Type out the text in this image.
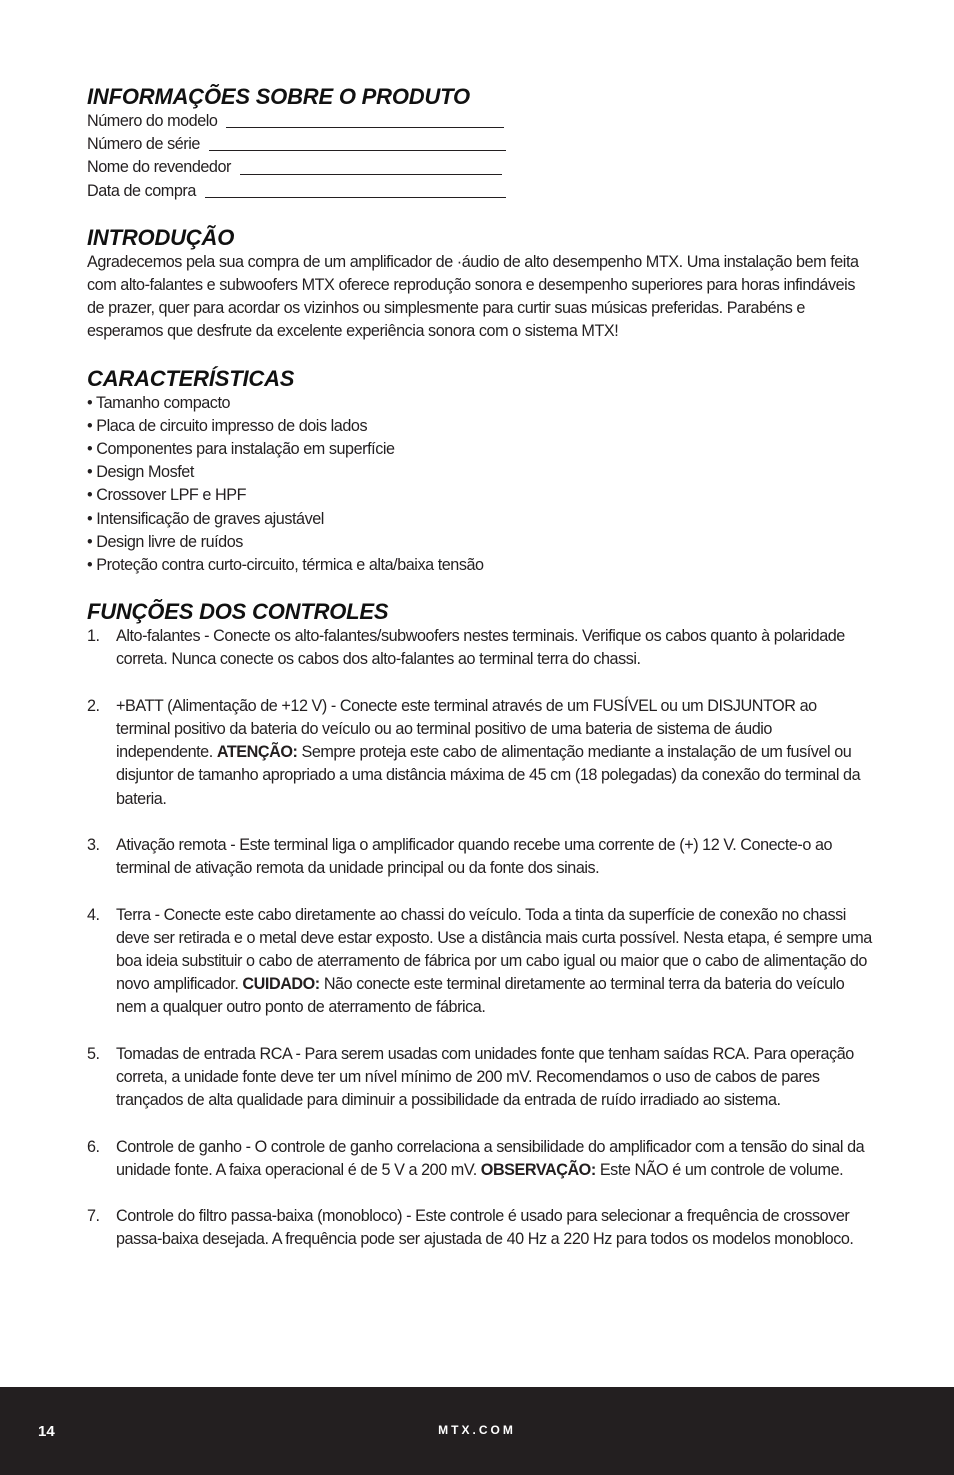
INFORMAÇÕES SOBRE O PRODUTO
Número do modelo
Número de série
Nome do revendedor
Data de compra
INTRODUÇÃO

Agradecemos pela sua compra de um amplificador de ·áudio de alto desempenho MTX. Uma instalação bem feita com alto-falantes e subwoofers MTX oferece reprodução sonora e desempenho superiores para horas infindáveis de prazer, quer para acordar os vizinhos ou simplesmente para curtir suas músicas preferidas. Parabéns e esperamos que desfrute da excelente experiência sonora com o sistema MTX!

CARACTERÍSTICAS
• Tamanho compacto
• Placa de circuito impresso de dois lados
• Componentes para instalação em superfície
• Design Mosfet
• Crossover LPF e HPF
• Intensificação de graves ajustável
• Design livre de ruídos
• Proteção contra curto-circuito, térmica e alta/baixa tensão
FUNÇÕES DOS CONTROLES
1.	Alto-falantes - Conecte os alto-falantes/subwoofers nestes terminais. Verifique os cabos quanto à polaridade correta. Nunca conecte os cabos dos alto-falantes ao terminal terra do chassi.
2.	+BATT (Alimentação de +12 V) - Conecte este terminal através de um FUSÍVEL ou um DISJUNTOR ao terminal positivo da bateria do veículo ou ao terminal positivo de uma bateria de sistema de áudio independente. ATENÇÃO: Sempre proteja este cabo de alimentação mediante a instalação de um fusível ou disjuntor de tamanho apropriado a uma distância máxima de 45 cm (18 polegadas) da conexão do terminal da bateria.
3.	Ativação remota - Este terminal liga o amplificador quando recebe uma corrente de (+) 12 V. Conecte-o ao terminal de ativação remota da unidade principal ou da fonte dos sinais.
4.	Terra - Conecte este cabo diretamente ao chassi do veículo. Toda a tinta da superfície de conexão no chassi deve ser retirada e o metal deve estar exposto. Use a distância mais curta possível. Nesta etapa, é sempre uma boa ideia substituir o cabo de aterramento de fábrica por um cabo igual ou maior que o cabo de alimentação do novo amplificador. CUIDADO: Não conecte este terminal diretamente ao terminal terra da bateria do veículo nem a qualquer outro ponto de aterramento de fábrica.
5.	Tomadas de entrada RCA - Para serem usadas com unidades fonte que tenham saídas RCA. Para operação correta, a unidade fonte deve ter um nível mínimo de 200 mV. Recomendamos o uso de cabos de pares trançados de alta qualidade para diminuir a possibilidade da entrada de ruído irradiado ao sistema.
6.	Controle de ganho - O controle de ganho correlaciona a sensibilidade do amplificador com a tensão do sinal da unidade fonte. A faixa operacional é de 5 V a 200 mV. OBSERVAÇÃO: Este NÃO é um controle de volume.
7.	Controle do filtro passa-baixa (monobloco) - Este controle é usado para selecionar a frequência de crossover passa-baixa desejada. A frequência pode ser ajustada de 40 Hz a 220 Hz para todos os modelos monobloco.
14	MTX.COM
